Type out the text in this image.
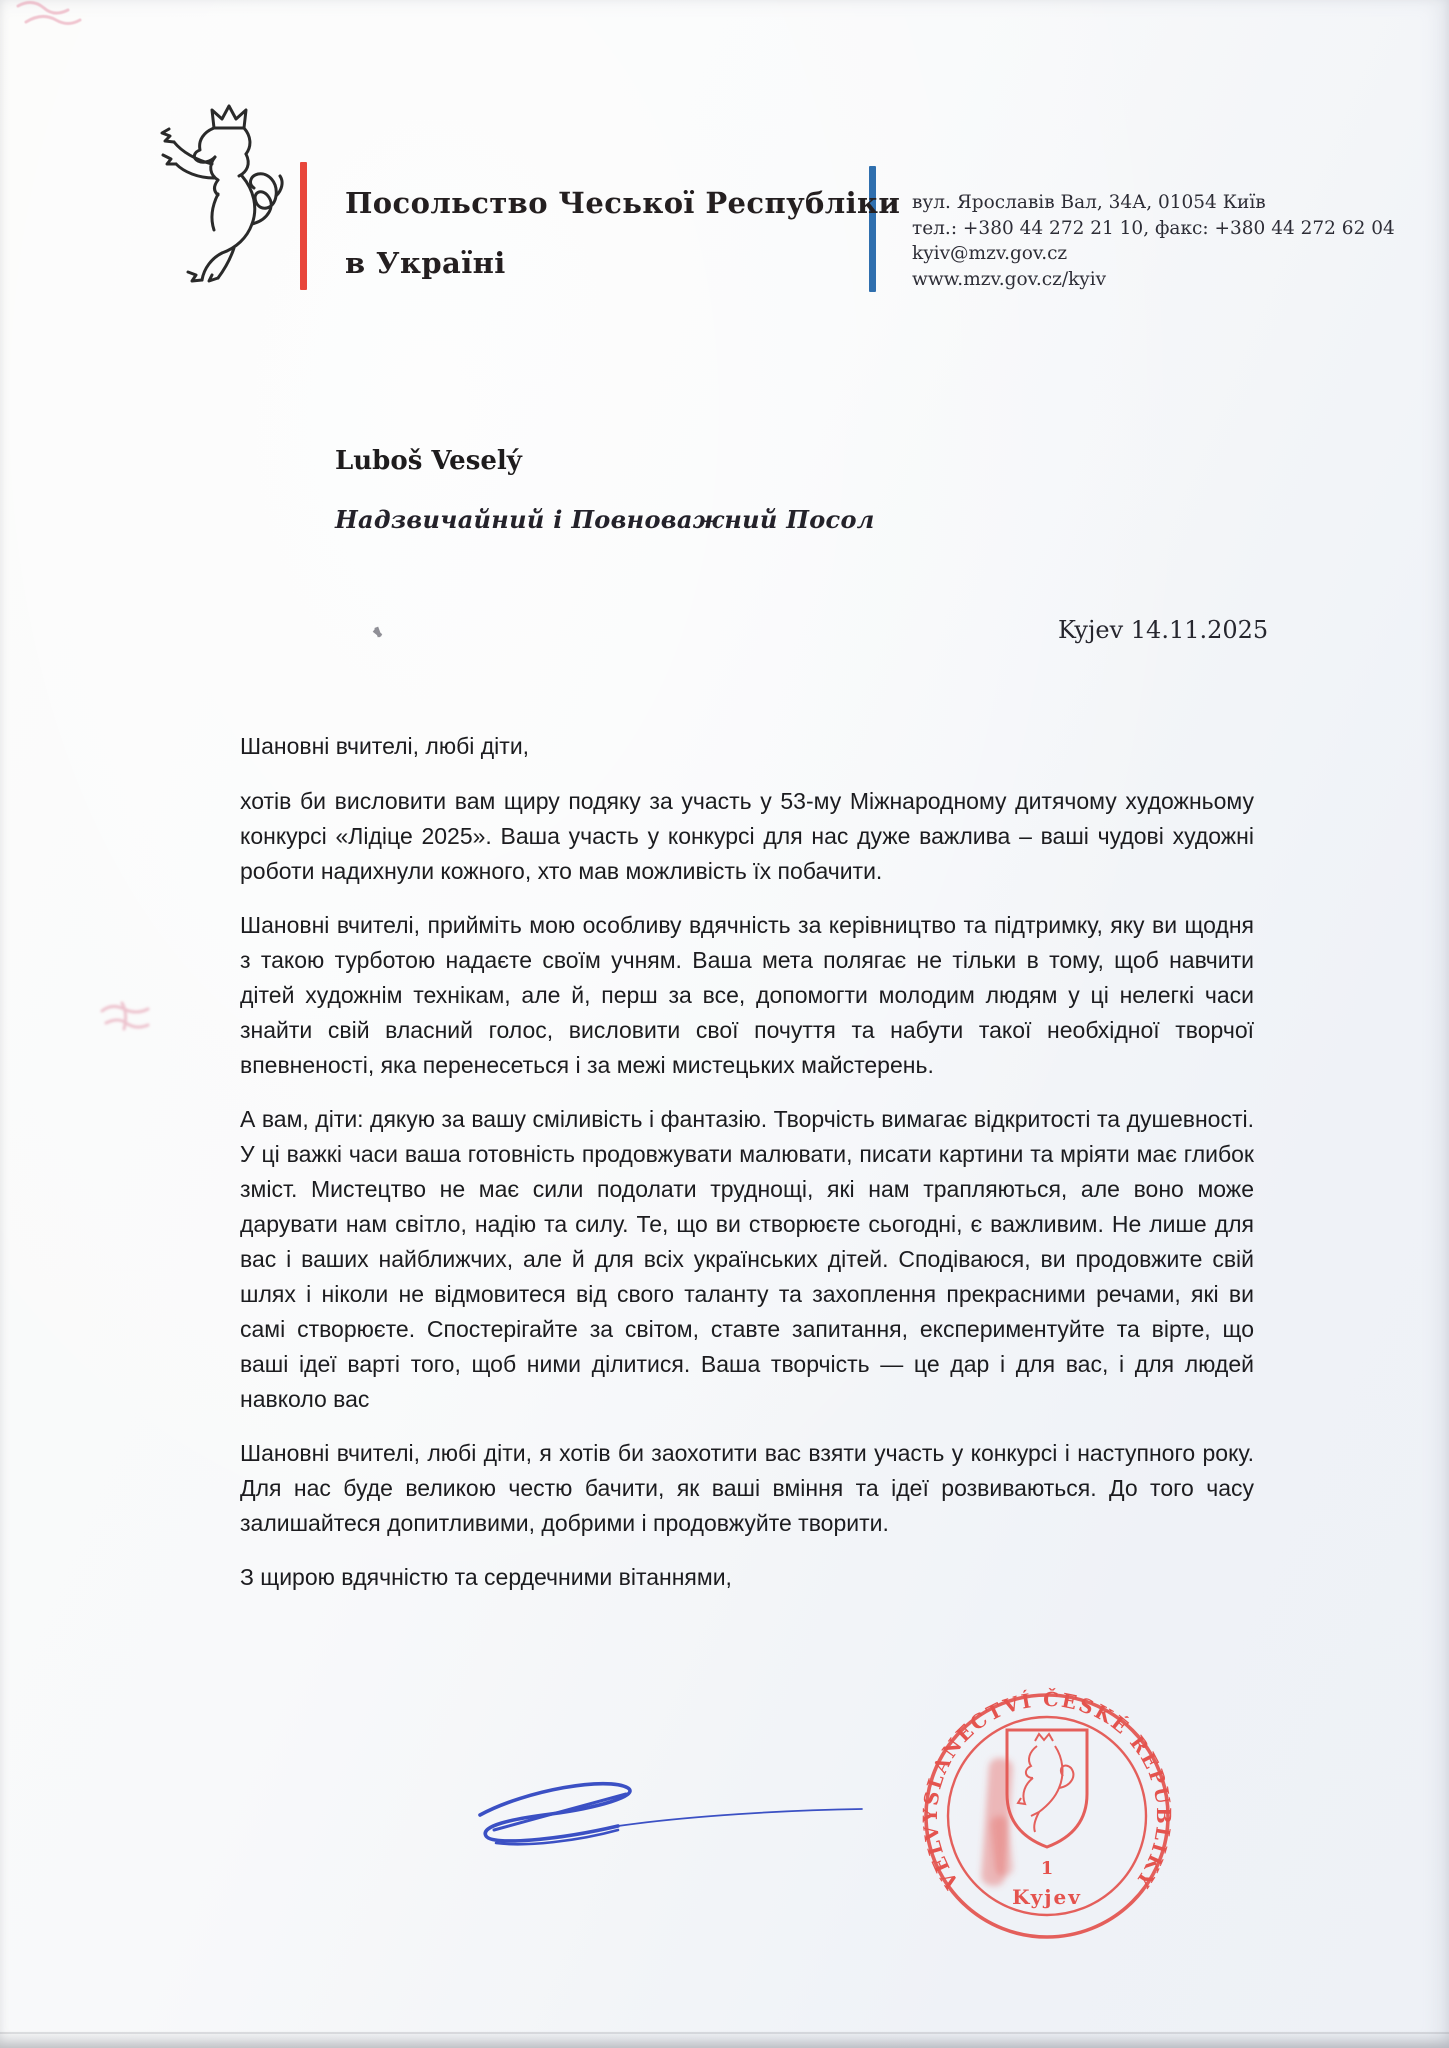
Посольство Чеської Республіки
в Україні
вул. Ярославів Вал, 34А, 01054 Київ
тел.: +380 44 272 21 10, факс: +380 44 272 62 04
kyiv@mzv.gov.cz
www.mzv.gov.cz/kyiv
Luboš Veselý
Надзвичайний і Повноважний Посол
Kyjev 14.11.2025

Шановні вчителі, любі діти,

хотів би висловити вам щиру подяку за участь у 53-му Міжнародному дитячому художньому конкурсі «Лідіце 2025». Ваша участь у конкурсі для нас дуже важлива – ваші чудові художні роботи надихнули кожного, хто мав можливість їх побачити.

Шановні вчителі, прийміть мою особливу вдячність за керівництво та підтримку, яку ви щодня з такою турботою надаєте своїм учням. Ваша мета полягає не тільки в тому, щоб навчити дітей художнім технікам, але й, перш за все, допомогти молодим людям у ці нелегкі часи знайти свій власний голос, висловити свої почуття та набути такої необхідної творчої впевненості, яка перенесеться і за межі мистецьких майстерень.

А вам, діти: дякую за вашу сміливість і фантазію. Творчість вимагає відкритості та душевності. У ці важкі часи ваша готовність продовжувати малювати, писати картини та мріяти має глибок зміст. Мистецтво не має сили подолати труднощі, які нам трапляються, але воно може дарувати нам світло, надію та силу. Те, що ви створюєте сьогодні, є важливим. Не лише для вас і ваших найближчих, але й для всіх українських дітей. Сподіваюся, ви продовжите свій шлях і ніколи не відмовитеся від свого таланту та захоплення прекрасними речами, які ви самі створюєте. Спостерігайте за світом, ставте запитання, експериментуйте та вірте, що ваші ідеї варті того, щоб ними ділитися. Ваша творчість — це дар і для вас, і для людей навколо вас

Шановні вчителі, любі діти, я хотів би заохотити вас взяти участь у конкурсі і наступного року. Для нас буде великою честю бачити, як ваші вміння та ідеї розвиваються. До того часу залишайтеся допитливими, добрими і продовжуйте творити.

З щирою вдячністю та сердечними вітаннями,

VELVYSLANECTVÍ ČESKÉ REPUBLIKY
1
Kyjev
